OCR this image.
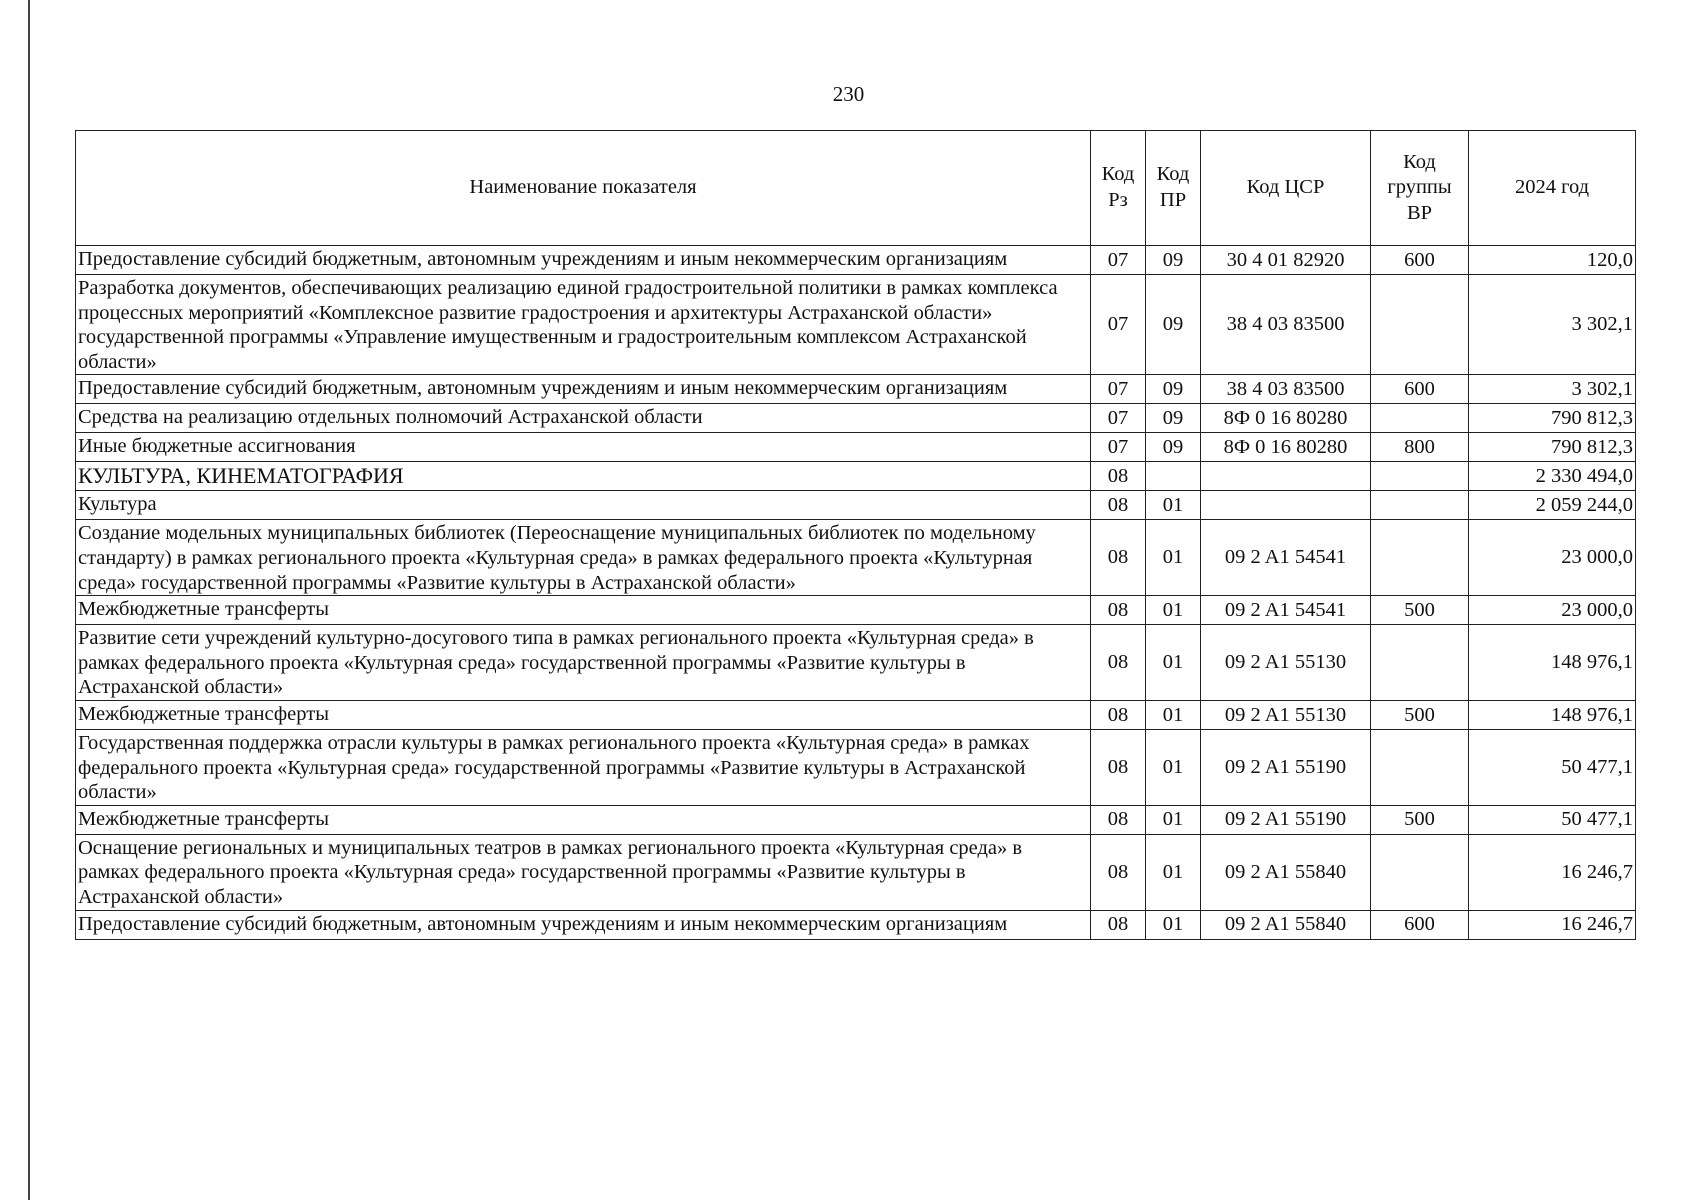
230
Наименование показателя	Код Рз	Код ПР	Код ЦСР	Код группы ВР	2024 год
Предоставление субсидий бюджетным, автономным учреждениям и иным некоммерческим организациям	07	09	30 4 01 82920	600	120,0
Разработка документов, обеспечивающих реализацию единой градостроительной политики в рамках комплекса процессных мероприятий «Комплексное развитие градостроения и архитектуры Астраханской области» государственной программы «Управление имущественным и градостроительным комплексом Астраханской области»	07	09	38 4 03 83500		3 302,1
Предоставление субсидий бюджетным, автономным учреждениям и иным некоммерческим организациям	07	09	38 4 03 83500	600	3 302,1
Средства на реализацию отдельных полномочий Астраханской области	07	09	8Ф 0 16 80280		790 812,3
Иные бюджетные ассигнования	07	09	8Ф 0 16 80280	800	790 812,3
КУЛЬТУРА, КИНЕМАТОГРАФИЯ	08				2 330 494,0
Культура	08	01			2 059 244,0
Создание модельных муниципальных библиотек (Переоснащение муниципальных библиотек по модельному стандарту) в рамках регионального проекта «Культурная среда» в рамках федерального проекта «Культурная среда» государственной программы «Развитие культуры в Астраханской области»	08	01	09 2 A1 54541		23 000,0
Межбюджетные трансферты	08	01	09 2 A1 54541	500	23 000,0
Развитие сети учреждений культурно-досугового типа в рамках регионального проекта «Культурная среда» в рамках федерального проекта «Культурная среда» государственной программы «Развитие культуры в Астраханской области»	08	01	09 2 A1 55130		148 976,1
Межбюджетные трансферты	08	01	09 2 A1 55130	500	148 976,1
Государственная поддержка отрасли культуры в рамках регионального проекта «Культурная среда» в рамках федерального проекта «Культурная среда» государственной программы «Развитие культуры в Астраханской области»	08	01	09 2 A1 55190		50 477,1
Межбюджетные трансферты	08	01	09 2 A1 55190	500	50 477,1
Оснащение региональных и муниципальных театров в рамках регионального проекта «Культурная среда» в рамках федерального проекта «Культурная среда» государственной программы «Развитие культуры в Астраханской области»	08	01	09 2 A1 55840		16 246,7
Предоставление субсидий бюджетным, автономным учреждениям и иным некоммерческим организациям	08	01	09 2 A1 55840	600	16 246,7
